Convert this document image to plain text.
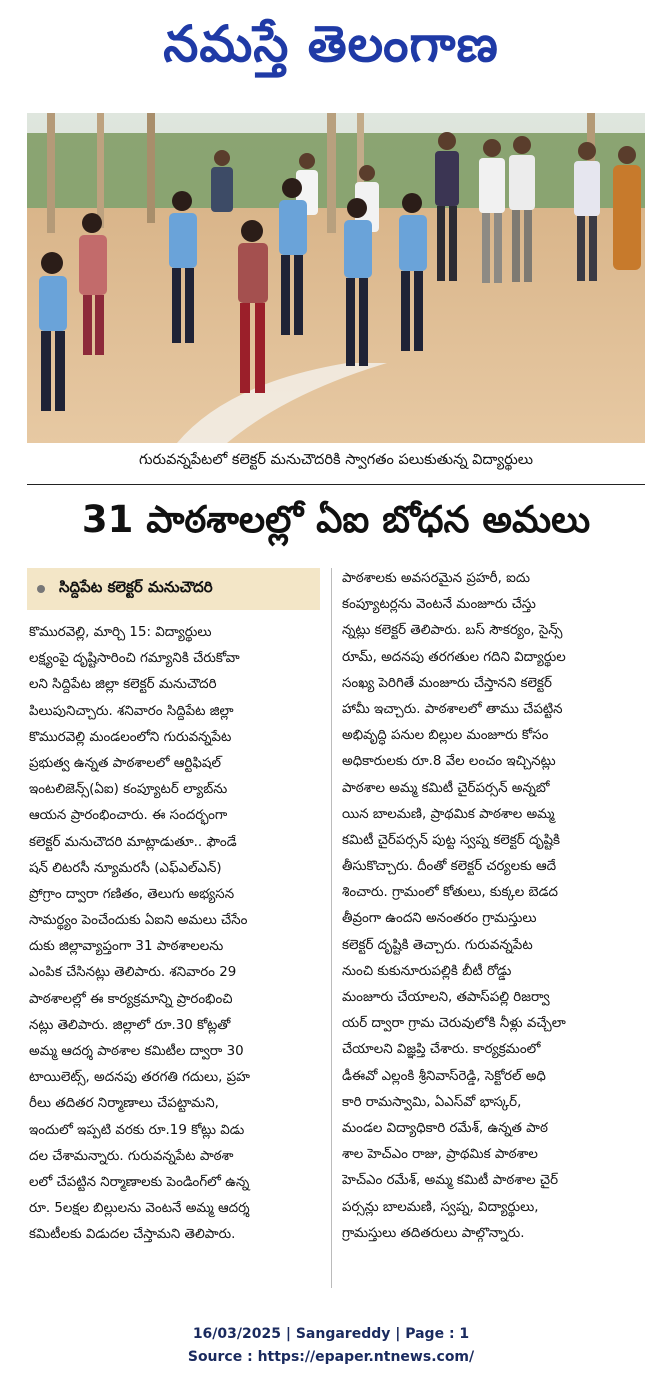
నమస్తే తెలంగాణ
గురువన్నపేటలో కలెక్టర్ మనుచౌదరికి స్వాగతం పలుకుతున్న విద్యార్థులు
31 పాఠశాలల్లో ఏఐ బోధన అమలు
సిద్దిపేట కలెక్టర్ మనుచౌదరి
కొమురవెల్లి, మార్చి 15: విద్యార్థులు
లక్ష్యంపై దృష్టిసారించి గమ్యానికి చేరుకోవా
లని సిద్దిపేట జిల్లా కలెక్టర్ మనుచౌదరి
పిలుపునిచ్చారు. శనివారం సిద్దిపేట జిల్లా
కొమురవెల్లి మండలంలోని గురువన్నపేట
ప్రభుత్వ ఉన్నత పాఠశాలలో ఆర్టిఫిషల్
ఇంటలిజెన్స్(ఏఐ) కంప్యూటర్ ల్యాబ్‌ను
ఆయన ప్రారంభించారు. ఈ సందర్భంగా
కలెక్టర్ మనుచౌదరి మాట్లాడుతూ.. ఫౌండే
షన్ లిటరసీ న్యూమరసీ (ఎఫ్ఎల్ఎన్)
ప్రోగ్రాం ద్వారా గణితం, తెలుగు అభ్యసన
సామర్థ్యం పెంచేందుకు ఏఐని అమలు చేసేం
దుకు జిల్లావ్యాప్తంగా 31 పాఠశాలలను
ఎంపిక చేసినట్లు తెలిపారు. శనివారం 29
పాఠశాలల్లో ఈ కార్యక్రమాన్ని ప్రారంభించి
నట్లు తెలిపారు. జిల్లాలో రూ.30 కోట్లతో
అమ్మ ఆదర్శ పాఠశాల కమిటీల ద్వారా 30
టాయిలెట్స్, అదనపు తరగతి గదులు, ప్రహ
రీలు తదితర నిర్మాణాలు చేపట్టామని,
ఇందులో ఇప్పటి వరకు రూ.19 కోట్లు విడు
దల చేశామన్నారు. గురువన్నపేట పాఠశా
లలో చేపట్టిన నిర్మాణాలకు పెండింగ్‌లో ఉన్న
రూ. 5లక్షల బిల్లులను వెంటనే అమ్మ ఆదర్శ
కమిటీలకు విడుదల చేస్తామని తెలిపారు.
పాఠశాలకు అవసరమైన ప్రహరీ, ఐదు
కంప్యూటర్లను వెంటనే మంజూరు చేస్తు
న్నట్లు కలెక్టర్ తెలిపారు. బస్ సౌకర్యం, సైన్స్
రూమ్, అదనపు తరగతుల గదిని విద్యార్థుల
సంఖ్య పెరిగితే మంజూరు చేస్తానని కలెక్టర్
హామీ ఇచ్చారు. పాఠశాలలో తాము చేపట్టిన
అభివృద్ధి పనుల బిల్లుల మంజూరు కోసం
అధికారులకు రూ.8 వేల లంచం ఇచ్చినట్లు
పాఠశాల అమ్మ కమిటీ చైర్‌పర్సన్ అన్నబో
యిన బాలమణి, ప్రాథమిక పాఠశాల అమ్మ
కమిటీ చైర్‌పర్సన్ పుట్ట స్వప్న కలెక్టర్ దృష్టికి
తీసుకొచ్చారు. దీంతో కలెక్టర్ చర్యలకు ఆదే
శించారు. గ్రామంలో కోతులు, కుక్కల బెడద
తీవ్రంగా ఉందని అనంతరం గ్రామస్తులు
కలెక్టర్ దృష్టికి తెచ్చారు. గురువన్నపేట
నుంచి కుకునూరుపల్లికి బీటీ రోడ్డు
మంజూరు చేయాలని, తపాస్‌పల్లి రిజర్వా
యర్ ద్వారా గ్రామ చెరువులోకి నీళ్లు వచ్చేలా
చేయాలని విజ్ఞప్తి చేశారు. కార్యక్రమంలో
డీఈవో ఎల్లంకి శ్రీనివాస్‌రెడ్డి, సెక్టోరల్ అధి
కారి రామస్వామి, ఏఎస్‌వో భాస్కర్,
మండల విద్యాధికారి రమేశ్, ఉన్నత పాఠ
శాల హెచ్ఎం రాజు, ప్రాథమిక పాఠశాల
హెచ్ఎం రమేశ్, అమ్మ కమిటీ పాఠశాల చైర్
పర్సన్లు బాలమణి, స్వప్న, విద్యార్థులు,
గ్రామస్తులు తదితరులు పాల్గొన్నారు.
16/03/2025 | Sangareddy | Page : 1
Source : https://epaper.ntnews.com/
